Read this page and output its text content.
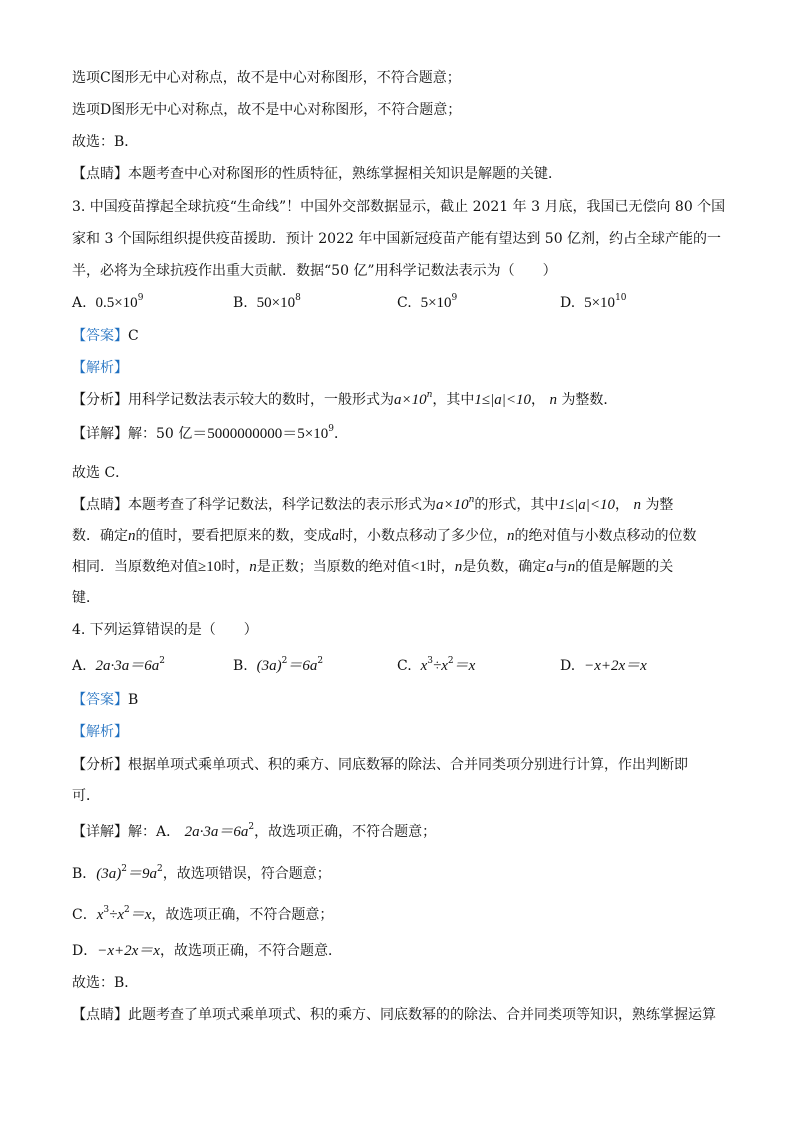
选项C图形无中心对称点，故不是中心对称图形，不符合题意；
选项D图形无中心对称点，故不是中心对称图形，不符合题意；
故选：B．
【点睛】本题考查中心对称图形的性质特征，熟练掌握相关知识是解题的关键．
3. 中国疫苗撑起全球抗疫“生命线”！中国外交部数据显示，截止 2021 年 3 月底，我国已无偿向 80 个国
家和 3 个国际组织提供疫苗援助．预计 2022 年中国新冠疫苗产能有望达到 50 亿剂，约占全球产能的一
半，必将为全球抗疫作出重大贡献．数据“50 亿”用科学记数法表示为（　　）
A. $0.5\times 10^9$	B. $50\times 10^8$	C. $5\times 10^9$	D. $5\times 10^{10}$
【答案】C
【解析】
【分析】用科学记数法表示较大的数时，一般形式为$a\times 10^n$，其中1≤|a|<10， n 为整数．
【详解】解：50 亿$=5000000000=5\times 10^9$．
故选 C．
【点睛】本题考查了科学记数法，科学记数法的表示形式为$a\times 10^n$的形式，其中1≤|a|<10， n 为整
数．确定n的值时，要看把原来的数，变成a时，小数点移动了多少位，n的绝对值与小数点移动的位数
相同．当原数绝对值≥10时，n是正数；当原数的绝对值<1时，n是负数，确定a与n的值是解题的关
键．
4. 下列运算错误的是（　　）
A. $2a\cdot 3a=6a^2$	B. $(3a)^2=6a^2$	C. $x^3\div x^2=x$	D. −x+2x＝x
【答案】B
【解析】
【分析】根据单项式乘单项式、积的乘方、同底数幂的除法、合并同类项分别进行计算，作出判断即
可．
【详解】解：A． $2a\cdot 3a=6a^2$，故选项正确，不符合题意；
B．$(3a)^2=9a^2$，故选项错误，符合题意；
C．$x^3\div x^2=x$，故选项正确，不符合题意；
D．−x+2x＝x，故选项正确，不符合题意．
故选：B．
【点睛】此题考查了单项式乘单项式、积的乘方、同底数幂的的除法、合并同类项等知识，熟练掌握运算
